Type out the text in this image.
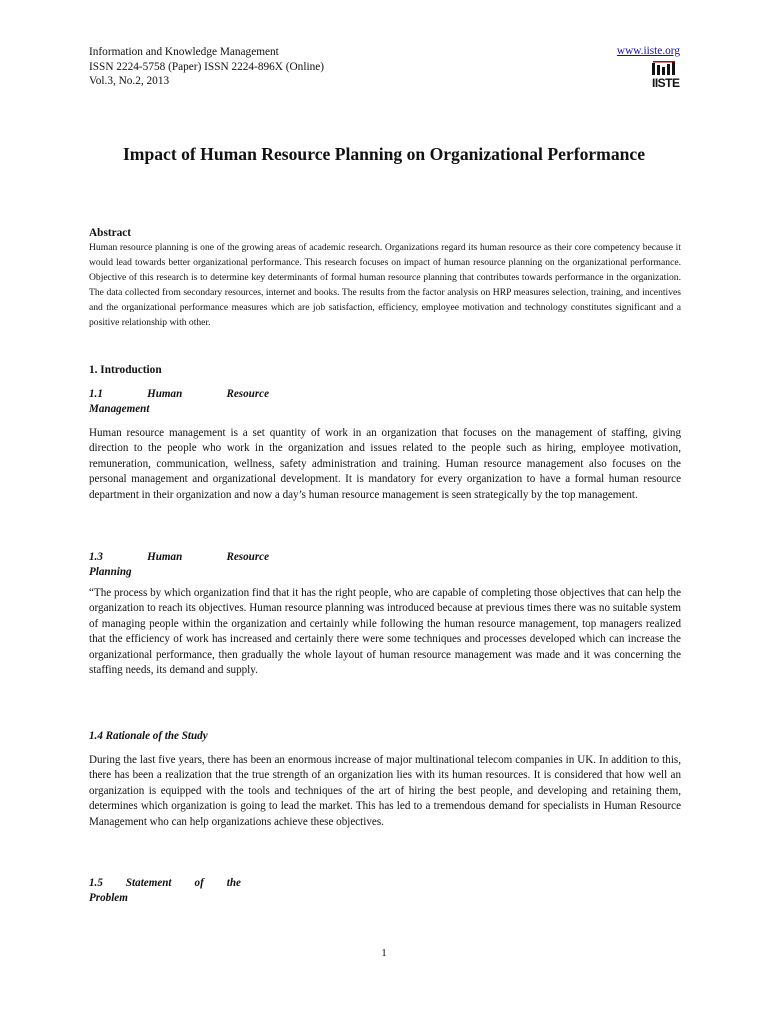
Information and Knowledge Management
ISSN 2224-5758 (Paper) ISSN 2224-896X (Online)
Vol.3, No.2, 2013
www.iiste.org
IISTE
Impact of Human Resource Planning on Organizational Performance

Abstract

Human resource planning is one of the growing areas of academic research. Organizations regard its human resource as their core competency because it would lead towards better organizational performance. This research focuses on impact of human resource planning on the organizational performance. Objective of this research is to determine key determinants of formal human resource planning that contributes towards performance in the organization. The data collected from secondary resources, internet and books. The results from the factor analysis on HRP measures selection, training, and incentives and the organizational performance measures which are job satisfaction, efficiency, employee motivation and technology constitutes significant and a positive relationship with other.

1. Introduction

1.1	Human	Resource
Management

Human resource management is a set quantity of work in an organization that focuses on the management of staffing, giving direction to the people who work in the organization and issues related to the people such as hiring, employee motivation, remuneration, communication, wellness, safety administration and training. Human resource management also focuses on the personal management and organizational development. It is mandatory for every organization to have a formal human resource department in their organization and now a day’s human resource management is seen strategically by the top management.

1.3	Human	Resource
Planning

“The process by which organization find that it has the right people, who are capable of completing those objectives that can help the organization to reach its objectives. Human resource planning was introduced because at previous times there was no suitable system of managing people within the organization and certainly while following the human resource management, top managers realized that the efficiency of work has increased and certainly there were some techniques and processes developed which can increase the organizational performance, then gradually the whole layout of human resource management was made and it was concerning the staffing needs, its demand and supply.

1.4 Rationale of the Study

During the last five years, there has been an enormous increase of major multinational telecom companies in UK. In addition to this, there has been a realization that the true strength of an organization lies with its human resources. It is considered that how well an organization is equipped with the tools and techniques of the art of hiring the best people, and developing and retaining them, determines which organization is going to lead the market. This has led to a tremendous demand for specialists in Human Resource Management who can help organizations achieve these objectives.

1.5 Statement of the
Problem
1
